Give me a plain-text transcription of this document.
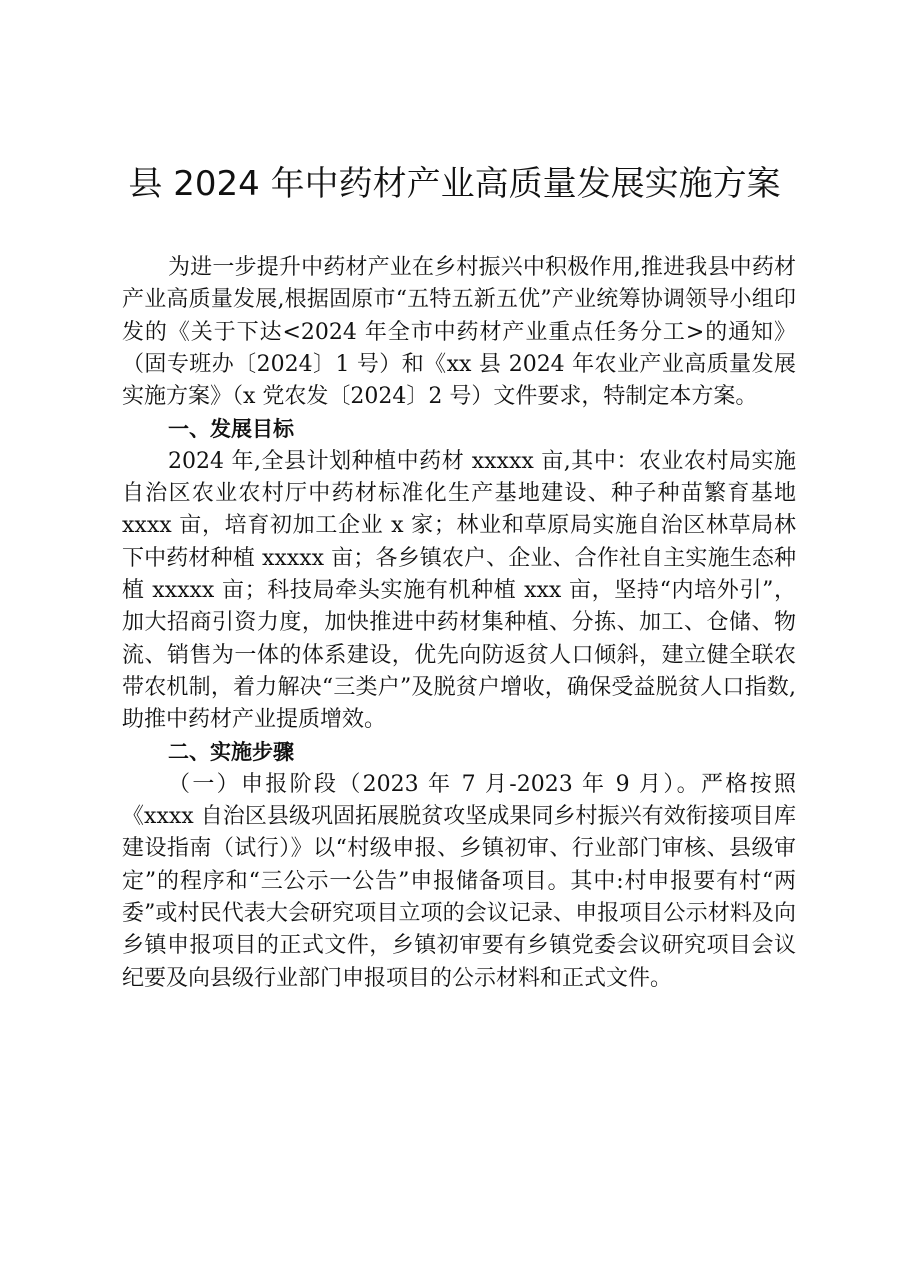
县 2024 年中药材产业高质量发展实施方案

为进一步提升中药材产业在乡村振兴中积极作用,推进我县中药材产业高质量发展,根据固原市“五特五新五优”产业统筹协调领导小组印发的《关于下达<2024 年全市中药材产业重点任务分工>的通知》（固专班办〔2024〕1 号）和《xx 县 2024 年农业产业高质量发展实施方案》（x 党农发〔2024〕2 号）文件要求，特制定本方案。

一、发展目标

2024 年,全县计划种植中药材 xxxxx 亩,其中：农业农村局实施自治区农业农村厅中药材标准化生产基地建设、种子种苗繁育基地 xxxx 亩，培育初加工企业 x 家；林业和草原局实施自治区林草局林下中药材种植 xxxxx 亩；各乡镇农户、企业、合作社自主实施生态种植 xxxxx 亩；科技局牵头实施有机种植 xxx 亩，坚持“内培外引”，加大招商引资力度，加快推进中药材集种植、分拣、加工、仓储、物流、销售为一体的体系建设，优先向防返贫人口倾斜，建立健全联农带农机制，着力解决“三类户”及脱贫户增收，确保受益脱贫人口指数,助推中药材产业提质增效。

二、实施步骤

（一）申报阶段（2023 年 7 月-2023 年 9 月）。严格按照《xxxx 自治区县级巩固拓展脱贫攻坚成果同乡村振兴有效衔接项目库建设指南（试行）》以“村级申报、乡镇初审、行业部门审核、县级审定”的程序和“三公示一公告”申报储备项目。其中:村申报要有村“两委”或村民代表大会研究项目立项的会议记录、申报项目公示材料及向乡镇申报项目的正式文件，乡镇初审要有乡镇党委会议研究项目会议纪要及向县级行业部门申报项目的公示材料和正式文件。
